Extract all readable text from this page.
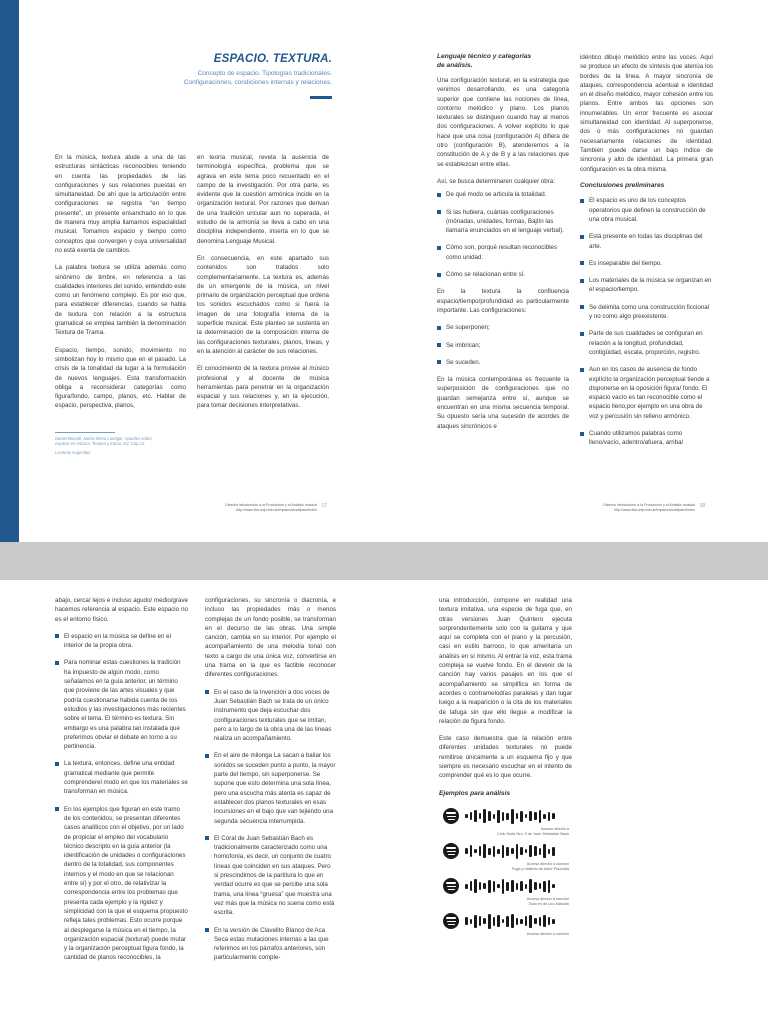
ESPACIO. TEXTURA.
Concepto de espacio. Tipologías tradicionales.
Configuraciones, condiciones internas y relaciones.

En la música, textura alude a una de las estructuras sintácticas reconocibles teniendo en cuenta las propiedades de las configuraciones y sus relaciones puestas en simultaneidad. De ahí que la articulación entre configuraciones se registra “en tiempo presente”, un presente ensanchado en lo que de manera muy amplia llamamos espacialidad musical. Tomamos espacio y tiempo como conceptos que convergen y cuya universalidad no está exenta de cambios.

La palabra textura se utiliza además como sinónimo de timbre, en referencia a las cualidades interiores del sonido, entendido este como un fenómeno complejo. Es por eso que, para establecer diferencias, cuando se habla de textura con relación a la estructura gramatical se emplea también la denominación Textura de Trama.

Espacio, tiempo, sonido, movimiento no simbolizan hoy lo mismo que en el pasado. La crisis de la tonalidad da lugar a la formulación de nuevos lenguajes. Esta transformación obliga a reconsiderar categorías como figura/fondo, campo, planos, etc. Hablar de espacio, perspectiva, planos,

Daniel Bonafé, María Elena Landgar. Apuntes sobre espacio en música. Textura y trama. Ed. Cap.13.
Lecturas sugeridas

en teoría musical, revela la ausencia de terminología específica, problema que se agrava en este tema poco recuentado en el campo de la investigación. Por otra parte, es evidente que la cuestión armónica incide en la organización textural. Por razones que derivan de una tradición uricular aun no superada, el estudio de la armonía se lleva a cabo en una disciplina independiente, inserta en lo que se denomina Lenguaje Musical.

En consecuencia, en este apartado sus contenidos son tratados solo complementariamente. La textura es, además de un emergente de la música, un nivel primario de organización perceptual que ordena los sonidos escuchados como si fuera la imagen de una fotografía interna de la superficie musical. Este planteo se sustenta en la determinación de la composición interna de las configuraciones texturales, planos, líneas, y en la atención al carácter de sus relaciones.

El conocimiento de la textura provee al músico profesional y al docente de música herramientas para penetrar en la organización espacial y sus relaciones y, en la ejecución, para tomar decisiones interpretativas.

Cátedra Introducción a la Producción y el Análisis musical
http://www.fba.unlp.edu.ar/impamusical/ipam/index
17
Lenguaje técnico y categorías
de análisis.

Una configuración textural, en la estrategia que venimos desarrollando, es una categoría superior que contiene las nociones de línea, contorno melódico y plano. Los planos texturales se distinguen cuando hay al menos dos configuraciones. A volver explícito lo que hace que una cosa (configuración A) difiera de otro (configuración B), atenderemos a la constitución de A y de B y a las relaciones que se establezcan entre ellas.

Así, se busca determinaren cualquier obra:

De qué modo se articula la totalidad.
Si las hubiera, cuántas configuraciones (mónadas, unidades, formas, Bajtín las llamaría enunciados en el lenguaje verbal).
Cómo son, porqué resultan reconocibles como unidad.
Cómo se relacionan entre sí.

En la textura la confluencia espacio/tiempo/profundidad es particularmente importante. Las configuraciones:

Se superponen;
Se imbrican;
Se suceden.

En la música contemporánea es frecuente la superposición de configuraciones que no guardan semejanza entre sí, aunque se encuentran en una misma secuencia temporal. Su opuesto sería una sucesión de acordes de ataques sincrónicos e

idéntico dibujo melódico entre las voces. Aquí se produce un efecto de síntesis que atenúa los bordes de la línea. A mayor sincronía de ataques, correspondencia acentual e identidad en el diseño melódico, mayor cohesión entre los planos. Entre ambos las opciones son innumerables. Un error frecuente es asociar simultaneidad con identidad. Al superponerse, dos o más configuraciones no guardan necesariamente relaciones de identidad. También puede darse un bajo índice de sincronía y alto de identidad. La primera gran configuración es la obra misma.

Conclusiones preliminares
El espacio es uno de los conceptos operatorios que definen la construcción de una obra musical.
Está presente en todas las disciplinas del arte.
Es inseparable del tiempo.
Los materiales de la música se organizan en el espacio/tiempo.
Se delimita como una construcción ficcional y no como algo preexistente.
Parte de sus cualidades se configuran en relación a la longitud, profundidad, contigüidad, escala, proporción, registro.
Aun en los casos de ausencia de fondo explícito la organización perceptual tiende a disponerse en la oposición figura/ fondo. El espacio vacío es tan reconocible como el espacio lleno,por ejemplo en una obra de voz y percusión sin relleno armónico.
Cuando utilizamos palabras como lleno/vacío, adentro/afuera, arriba/
Cátedra Introducción a la Producción y el Análisis musical
http://www.fba.unlp.edu.ar/impamusical/ipam/index
18

abajo, cerca/ lejos e incluso agudo/ medio/grave hacemos referencia al espacio. Este espacio no es el entorno físico.

El espacio en la música se define en el interior de la propia obra.
Para nominar estas cuestiones la tradición ha impuesto de algún modo, como señalamos en la guía anterior, un término que proviene de las artes visuales y que podría cuestionarse habida cuenta de los estudios y las investigaciones más recientes sobre el tema. El término es textura. Sin embargo es una palabra tan instalada que preferimos obviar el debate en torno a su pertinencia.
La textura, entonces, define una entidad gramatical mediante que permite comprenderel modo en que los materiales se transforman en música.
En los ejemplos que figuran en este tramo de los contenidos, se presentan diferentes casos analíticos con el objetivo, por un lado de propiciar el empleo del vocabulario técnico descripto en la guía anterior (la identificación de unidades o configuraciones dentro de la totalidad, sus componentes internos y el modo en que se relacionan entre sí) y por el otro, de relativizar la correspondencia entre los problemas que presenta cada ejemplo y la rigidez y simplicidad con la que el esquema propuesto refleja tales problemas. Esto ocurre porque al desplegarse la música en el tiempo, la organización espacial (textural) puede mutar y la organización perceptual figura fondo, la cantidad de planos reconocibles, la

configuraciones, su sincronía o diacronía, e incluso las propiedades más o menos complejas de un fondo posible, se transforman en el decurso de las obras. Una simple canción, cambia en su interior. Por ejemplo el acompañamiento de una melodía tonal con texto a cargo de una única voz, convertirse en una trama en la que es factible reconocer diferentes configuraciones.

En el caso de la Invención a dos voces de Juan Sebastián Bach se trata de un único instrumento que deja escuchar dos configuraciones texturales que se imitan, pero a lo largo de la obra una de las líneas realiza un acompañamiento.
En el aire de milonga La sacan a bailar los sonidos se suceden punto a punto, la mayor parte del tiempo, sin superponerse. Se supone que esto determina una sola línea, pero una escucha más atenta es capaz de establecer dos planos texturales en esas incursiones en el bajo que van tejiendo una segunda secuencia interrumpida.
El Coral de Juan Sebastián Bach es tradicionalmente caracterizado como una homofonía, es decir, un conjunto de cuatro líneas que coinciden en sus ataques. Pero si prescindimos de la partitura lo que en verdad ocurre es que se percibe una sola trama, una línea “gruesa” que muestra una vez más que la música no suena como está escrita.
En la versión de Clavelito Blanco de Aca Seca estas mutaciones internas a las que referimos en los párrafos anteriores, son particularmente comple-

una introducción, compone en realidad una textura imitativa, una especie de fuga que, en otras versiones Juan Quintero ejecuta sorprendentemente solo con la guitarra y que aquí se completa con el piano y la percusión, casi en estilo barroco, lo que ameritaría un análisis en sí mismo. Al entrar la voz, esta trama compleja se vuelve fondo. En el devenir de la canción hay varios pasajes en los que el acompañamiento se simplifica en forma de acordes o contramelodías paralelas y dan lugar luego a la reaparición o la cita de los materiales de lafuga sin que ello llegue a modificar la relación de figura fondo.

Este caso demuestra que la relación entre diferentes unidades texturales no puede remitirse únicamente a un esquema fijo y que siempre es necesario escuchar en el intento de comprender qué es lo que ocurre.

Ejemplos para análisis
Acceso directo a
Cello Suite Nro. 3 de Juan Sebastián Bach
Acceso directo a canción
Fuga y misterio de Astor Piazzolla
Acceso directo a canción
Todo en de Leo Maslíah
Acceso directo a canción
